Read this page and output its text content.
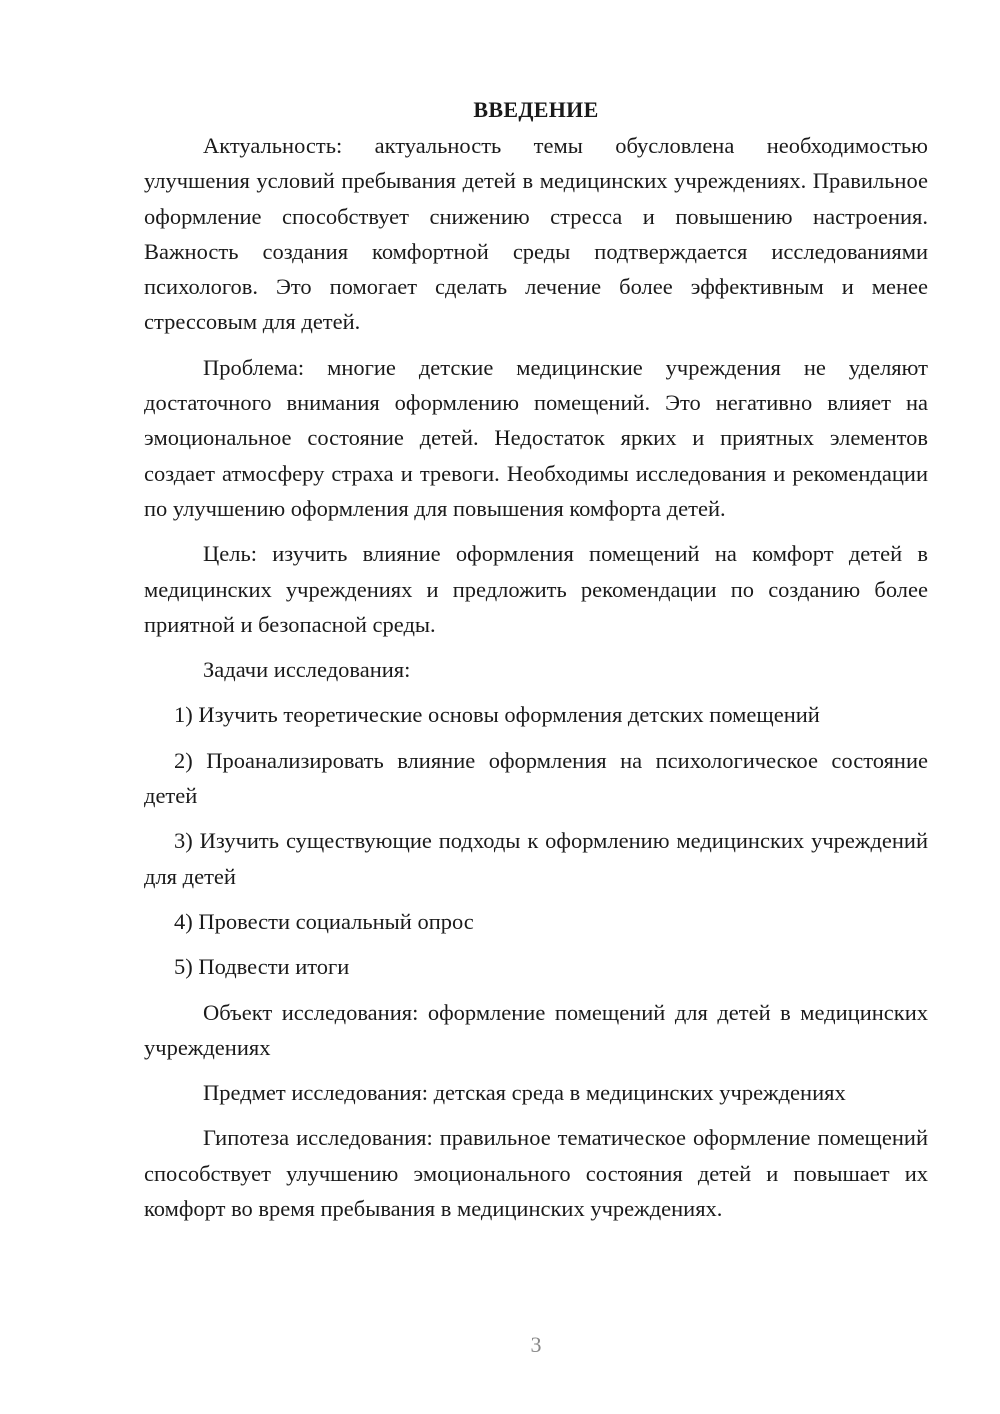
ВВЕДЕНИЕ

Актуальность: актуальность темы обусловлена необходимостью улучшения условий пребывания детей в медицинских учреждениях. Правильное оформление способствует снижению стресса и повышению настроения. Важность создания комфортной среды подтверждается исследованиями психологов. Это помогает сделать лечение более эффективным и менее стрессовым для детей.

Проблема: многие детские медицинские учреждения не уделяют достаточного внимания оформлению помещений. Это негативно влияет на эмоциональное состояние детей. Недостаток ярких и приятных элементов создает атмосферу страха и тревоги. Необходимы исследования и рекомендации по улучшению оформления для повышения комфорта детей.

Цель: изучить влияние оформления помещений на комфорт детей в медицинских учреждениях и предложить рекомендации по созданию более приятной и безопасной среды.

Задачи исследования:

1) Изучить теоретические основы оформления детских помещений

2) Проанализировать влияние оформления на психологическое состояние детей

3) Изучить существующие подходы к оформлению медицинских учреждений для детей

4) Провести социальный опрос

5) Подвести итоги

Объект исследования: оформление помещений для детей в медицинских учреждениях

Предмет исследования: детская среда в медицинских учреждениях

Гипотеза исследования: правильное тематическое оформление помещений способствует улучшению эмоционального состояния детей и повышает их комфорт во время пребывания в медицинских учреждениях.

3
